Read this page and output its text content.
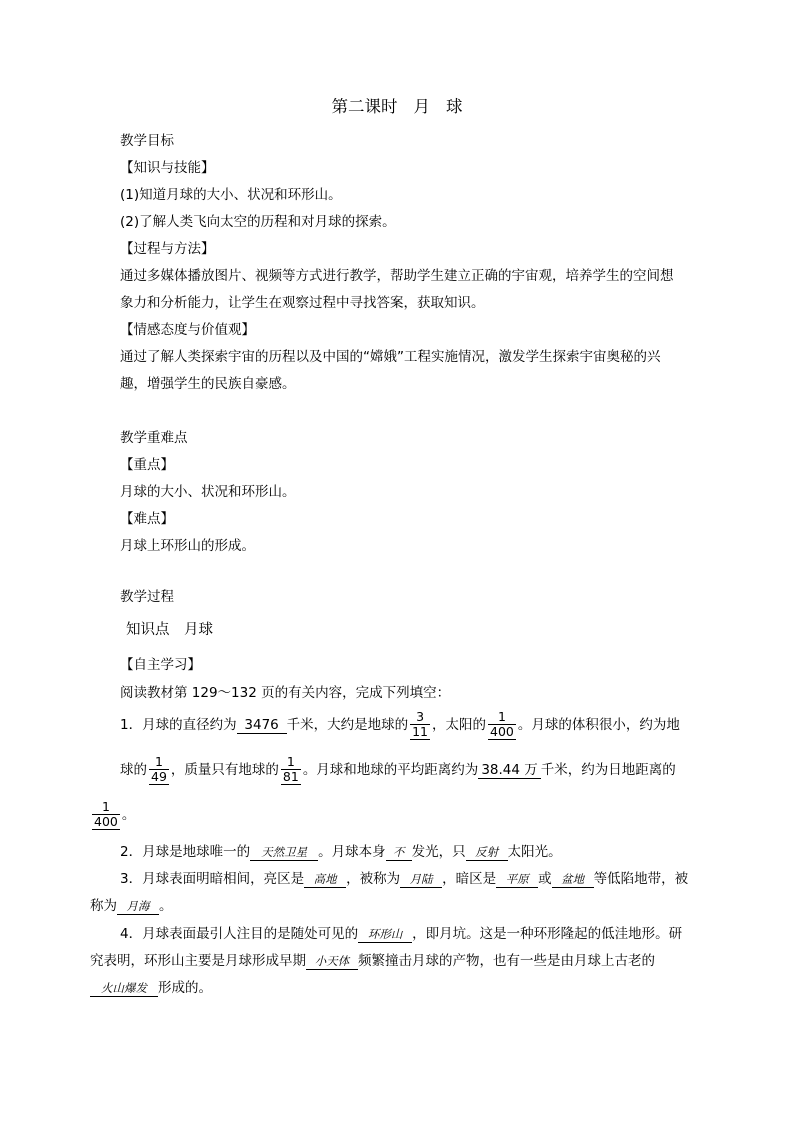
第二课时 月 球
教学目标
【知识与技能】
(1)知道月球的大小、状况和环形山。
(2)了解人类飞向太空的历程和对月球的探索。
【过程与方法】
通过多媒体播放图片、视频等方式进行教学，帮助学生建立正确的宇宙观，培养学生的空间想
象力和分析能力，让学生在观察过程中寻找答案，获取知识。
【情感态度与价值观】
通过了解人类探索宇宙的历程以及中国的“嫦娥”工程实施情况，激发学生探索宇宙奥秘的兴
趣，增强学生的民族自豪感。
教学重难点
【重点】
月球的大小、状况和环形山。
【难点】
月球上环形山的形成。
教学过程
知识点　月球
【自主学习】
阅读教材第 129～132 页的有关内容，完成下列填空：
1．月球的直径约为 3476 千米，大约是地球的 $\frac{3}{11}$ ，太阳的 $\frac{1}{400}$ 。月球的体积很小，约为地
球的 $\frac{1}{49}$ ，质量只有地球的 $\frac{1}{81}$ 。月球和地球的平均距离约为 38.44 万 千米，约为日地距离的
$\frac{1}{400}$ 。
2．月球是地球唯一的 天然卫星 。月球本身 不 发光，只 反射 太阳光。
3．月球表面明暗相间，亮区是 高地 ，被称为 月陆 ，暗区是 平原 或 盆地 等低陷地带，被
称为 月海 。
4．月球表面最引人注目的是随处可见的 环形山 ，即月坑。这是一种环形隆起的低洼地形。研
究表明，环形山主要是月球形成早期 小天体 频繁撞击月球的产物，也有一些是由月球上古老的
火山爆发 形成的。
